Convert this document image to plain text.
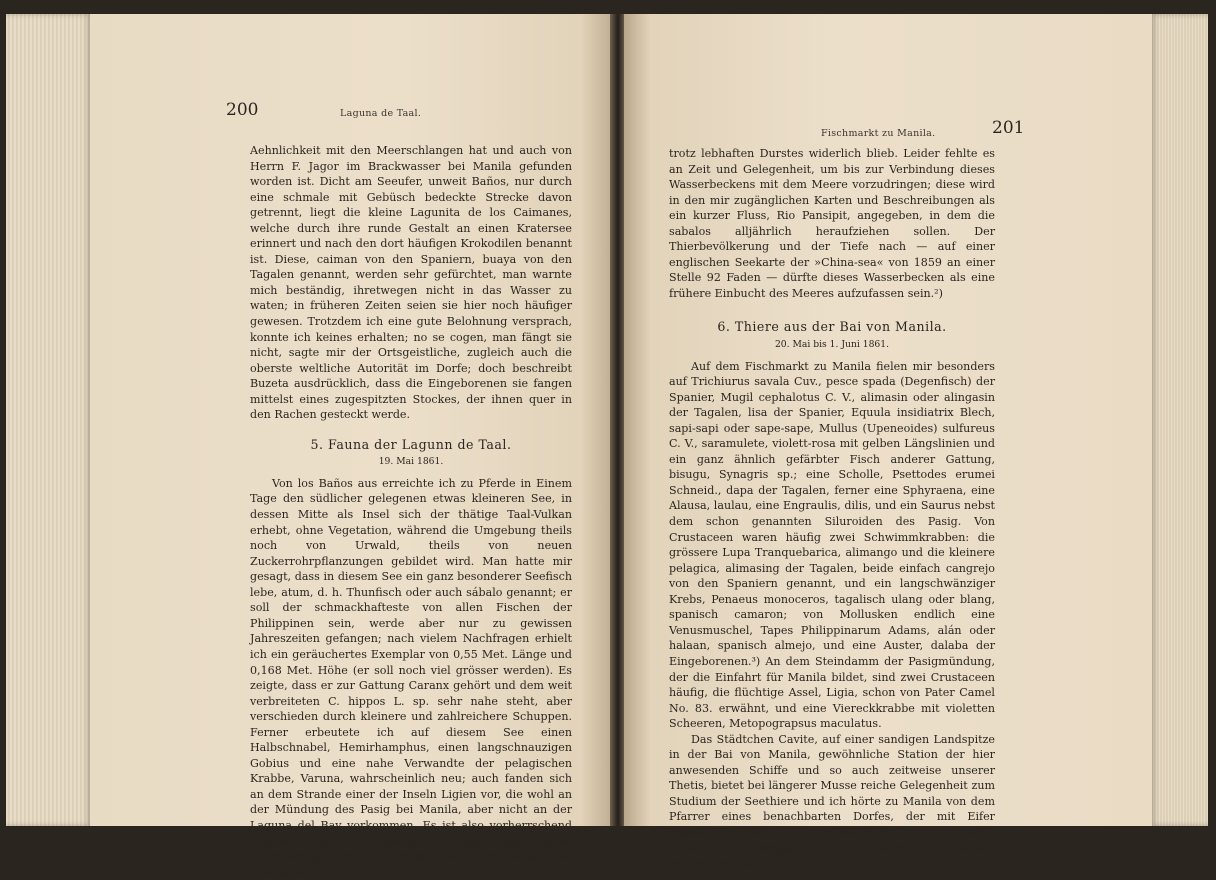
200	Laguna de Taal.

Aehnlichkeit mit den Meerschlangen hat und auch von Herrn F. Jagor im Brackwasser bei Manila gefunden worden ist. Dicht am Seeufer, unweit Baños, nur durch eine schmale mit Gebüsch bedeckte Strecke davon getrennt, liegt die kleine Lagunita de los Caimanes, welche durch ihre runde Gestalt an einen Kratersee erinnert und nach den dort häufigen Krokodilen benannt ist. Diese, caiman von den Spaniern, buaya von den Tagalen genannt, werden sehr gefürchtet, man warnte mich beständig, ihretwegen nicht in das Wasser zu waten; in früheren Zeiten seien sie hier noch häufiger gewesen. Trotzdem ich eine gute Belohnung versprach, konnte ich keines erhalten; no se cogen, man fängt sie nicht, sagte mir der Ortsgeistliche, zugleich auch die oberste weltliche Autorität im Dorfe; doch beschreibt Buzeta ausdrücklich, dass die Eingeborenen sie fangen mittelst eines zugespitzten Stockes, der ihnen quer in den Rachen gesteckt werde.

5. Fauna der Lagunn de Taal.
19. Mai 1861.

Von los Baños aus erreichte ich zu Pferde in Einem Tage den südlicher gelegenen etwas kleineren See, in dessen Mitte als Insel sich der thätige Taal-Vulkan erhebt, ohne Vegetation, während die Umgebung theils noch von Urwald, theils von neuen Zuckerrohrpflanzungen gebildet wird. Man hatte mir gesagt, dass in diesem See ein ganz besonderer Seefisch lebe, atum, d. h. Thunfisch oder auch sábalo genannt; er soll der schmackhafteste von allen Fischen der Philippinen sein, werde aber nur zu gewissen Jahreszeiten gefangen; nach vielem Nachfragen erhielt ich ein geräuchertes Exemplar von 0,55 Met. Länge und 0,168 Met. Höhe (er soll noch viel grösser werden). Es zeigte, dass er zur Gattung Caranx gehört und dem weit verbreiteten C. hippos L. sp. sehr nahe steht, aber verschieden durch kleinere und zahlreichere Schuppen. Ferner erbeutete ich auf diesem See einen Halbschnabel, Hemirhamphus, einen langschnauzigen Gobius und eine nahe Verwandte der pelagischen Krabbe, Varuna, wahrscheinlich neu; auch fanden sich an dem Strande einer der Inseln Ligien vor, die wohl an der Mündung des Pasig bei Manila, aber nicht an der Laguna del Bay vorkommen. Es ist also vorherrschend eine Meerfauna; ich kostete das Wasser und fand es stark salzig, noch bitterer als reines Meerwasser, so dass es mir

Fischmarkt zu Manila.	201

trotz lebhaften Durstes widerlich blieb. Leider fehlte es an Zeit und Gelegenheit, um bis zur Verbindung dieses Wasserbeckens mit dem Meere vorzudringen; diese wird in den mir zugänglichen Karten und Beschreibungen als ein kurzer Fluss, Rio Pansipit, angegeben, in dem die sabalos alljährlich heraufziehen sollen. Der Thierbevölkerung und der Tiefe nach — auf einer englischen Seekarte der »China-sea« von 1859 an einer Stelle 92 Faden — dürfte dieses Wasserbecken als eine frühere Einbucht des Meeres aufzufassen sein.²)

6. Thiere aus der Bai von Manila.
20. Mai bis 1. Juni 1861.

Auf dem Fischmarkt zu Manila fielen mir besonders auf Trichiurus savala Cuv., pesce spada (Degenfisch) der Spanier, Mugil cephalotus C. V., alimasin oder alingasin der Tagalen, lisa der Spanier, Equula insidiatrix Blech, sapi-sapi oder sape-sape, Mullus (Upeneoides) sulfureus C. V., saramulete, violett-rosa mit gelben Längslinien und ein ganz ähnlich gefärbter Fisch anderer Gattung, bisugu, Synagris sp.; eine Scholle, Psettodes erumei Schneid., dapa der Tagalen, ferner eine Sphyraena, eine Alausa, laulau, eine Engraulis, dilis, und ein Saurus nebst dem schon genannten Siluroiden des Pasig. Von Crustaceen waren häufig zwei Schwimmkrabben: die grössere Lupa Tranquebarica, alimango und die kleinere pelagica, alimasing der Tagalen, beide einfach cangrejo von den Spaniern genannt, und ein langschwänziger Krebs, Penaeus monoceros, tagalisch ulang oder blang, spanisch camaron; von Mollusken endlich eine Venusmuschel, Tapes Philippinarum Adams, alán oder halaan, spanisch almejo, und eine Auster, dalaba der Eingeborenen.³) An dem Steindamm der Pasigmündung, der die Einfahrt für Manila bildet, sind zwei Crustaceen häufig, die flüchtige Assel, Ligia, schon von Pater Camel No. 83. erwähnt, und eine Viereckkrabbe mit violetten Scheeren, Metopograpsus maculatus.

Das Städtchen Cavite, auf einer sandigen Landspitze in der Bai von Manila, gewöhnliche Station der hier anwesenden Schiffe und so auch zeitweise unserer Thetis, bietet bei längerer Musse reiche Gelegenheit zum Studium der Seethiere und ich hörte zu Manila von dem Pfarrer eines benachbarten Dorfes, der mit Eifer dasselbe betreibe. Leider erlaubte mir die bedenkliche Ermattung und Abspannung, welche mich in dem heissen Manila nach der
